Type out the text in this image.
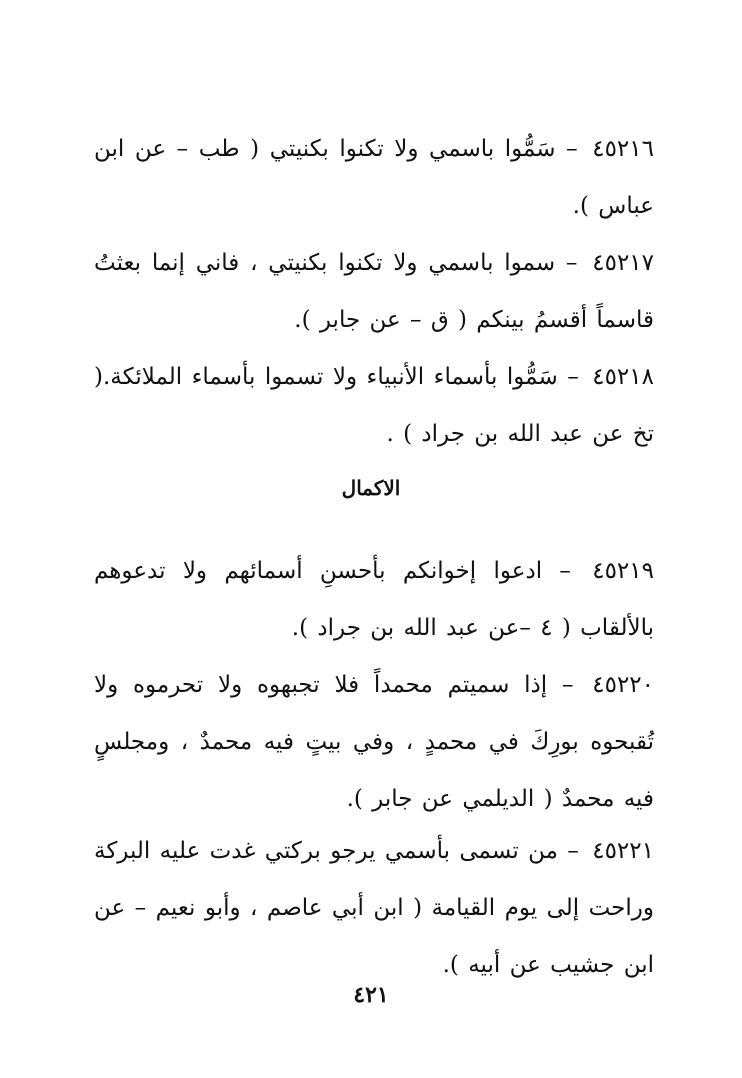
٤٥٢١٦ – سَمُّوا باسمي ولا تكنوا بكنيتي ( طب – عن ابن عباس ).

٤٥٢١٧ – سموا باسمي ولا تكنوا بكنيتي ، فاني إنما بعثتُ قاسماً أقسمُ بينكم ( ق – عن جابر ).

٤٥٢١٨ – سَمُّوا بأسماء الأنبياء ولا تسموا بأسماء الملائكة.( تخ عن عبد الله بن جراد ) .

الاكمال

٤٥٢١٩ – ادعوا إخوانكم بأحسنِ أسمائهم ولا تدعوهم بالألقاب ( ٤ –عن عبد الله بن جراد ).

٤٥٢٢٠ – إذا سميتم محمداً فلا تجبهوه ولا تحرموه ولا تُقبحوه بورِكَ في محمدٍ ، وفي بيتٍ فيه محمدٌ ، ومجلسٍ فيه محمدٌ ( الديلمي عن جابر ).

٤٥٢٢١ – من تسمى بأسمي يرجو بركتي غدت عليه البركة وراحت إلى يوم القيامة ( ابن أبي عاصم ، وأبو نعيم – عن ابن جشيب عن أبيه ).

٤٢١
